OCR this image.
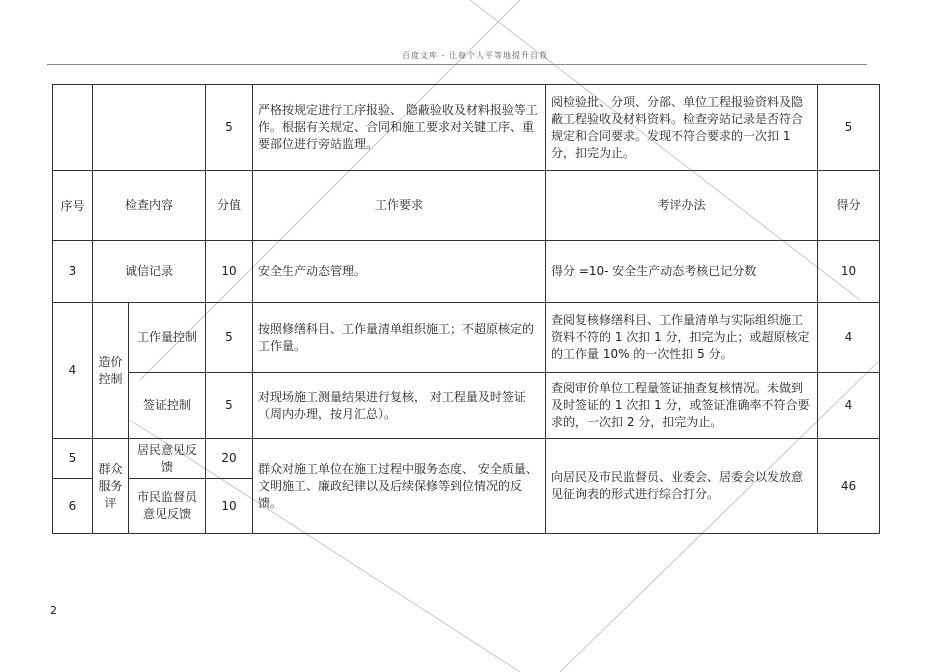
百度文库 - 让每个人平等地提升自我
			5	严格按规定进行工序报验、 隐蔽验收及材料报验等工作。根据有关规定、合同和施工要求对关键工序、重要部位进行旁站监理。	阅检验批、分项、分部、单位工程报验资料及隐蔽工程验收及材料资料。检查旁站记录是否符合规定和合同要求。发现不符合要求的一次扣 1 分，扣完为止。	5
序号	检查内容		分值	工作要求	考评办法	得分
3	诚信记录		10	安全生产动态管理。	得分 =10- 安全生产动态考核已记分数	10
4	造价控制	工作量控制	5	按照修缮科目、工作量清单组织施工；不超原核定的工作量。	查阅复核修缮科目、工作量清单与实际组织施工资料不符的 1 次扣 1 分，扣完为止；或超原核定的工作量 10% 的一次性扣 5 分。	4
		签证控制	5	对现场施工测量结果进行复核， 对工程量及时签证（周内办理，按月汇总）。	查阅审价单位工程量签证抽查复核情况。未做到及时签证的 1 次扣 1 分，或签证准确率不符合要求的，一次扣 2 分，扣完为止。	4
5	群众服务评	居民意见反馈	20	群众对施工单位在施工过程中服务态度、 安全质量、文明施工、廉政纪律以及后续保修等到位情况的反馈。	向居民及市民监督员、业委会、居委会以发放意见征询表的形式进行综合打分。	46
6		市民监督员意见反馈	10			
2
